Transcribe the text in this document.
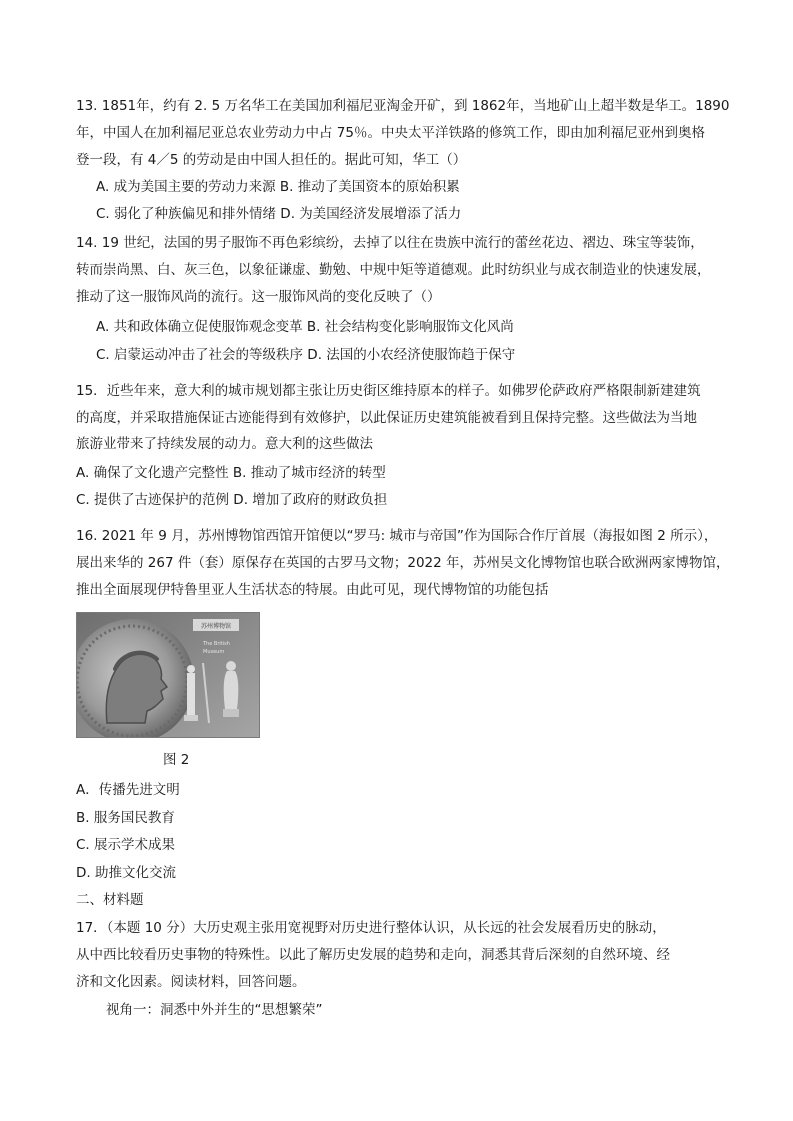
13. 1851年，约有 2. 5 万名华工在美国加利福尼亚淘金开矿，到 1862年，当地矿山上超半数是华工。1890
年，中国人在加利福尼亚总农业劳动力中占 75％。中央太平洋铁路的修筑工作，即由加利福尼亚州到奥格
登一段，有 4／5 的劳动是由中国人担任的。据此可知，华工（）
A. 成为美国主要的劳动力来源 B. 推动了美国资本的原始积累
C. 弱化了种族偏见和排外情绪 D. 为美国经济发展增添了活力
14. 19 世纪，法国的男子服饰不再色彩缤纷，去掉了以往在贵族中流行的蕾丝花边、褶边、珠宝等装饰，
转而崇尚黑、白、灰三色，以象征谦虚、勤勉、中规中矩等道德观。此时纺织业与成衣制造业的快速发展，
推动了这一服饰风尚的流行。这一服饰风尚的变化反映了（）
A. 共和政体确立促使服饰观念变革 B. 社会结构变化影响服饰文化风尚
C. 启蒙运动冲击了社会的等级秩序 D. 法国的小农经济使服饰趋于保守
15．近些年来，意大利的城市规划都主张让历史街区维持原本的样子。如佛罗伦萨政府严格限制新建建筑
的高度，并采取措施保证古迹能得到有效修护，以此保证历史建筑能被看到且保持完整。这些做法为当地
旅游业带来了持续发展的动力。意大利的这些做法
A. 确保了文化遗产完整性 B. 推动了城市经济的转型
C. 提供了古迹保护的范例 D. 增加了政府的财政负担
16. 2021 年 9 月，苏州博物馆西馆开馆便以“罗马: 城市与帝国”作为国际合作厅首展（海报如图 2 所示），
展出来华的 267 件（套）原保存在英国的古罗马文物；2022 年，苏州吴文化博物馆也联合欧洲两家博物馆，
推出全面展现伊特鲁里亚人生活状态的特展。由此可见，现代博物馆的功能包括
苏州博物馆
The British
Museum
图 2
A．传播先进文明
B. 服务国民教育
C. 展示学术成果
D. 助推文化交流
二、材料题
17．（本题 10 分）大历史观主张用宽视野对历史进行整体认识，从长远的社会发展看历史的脉动，
从中西比较看历史事物的特殊性。以此了解历史发展的趋势和走向，洞悉其背后深刻的自然环境、经
济和文化因素。阅读材料，回答问题。
视角一：洞悉中外并生的“思想繁荣”
